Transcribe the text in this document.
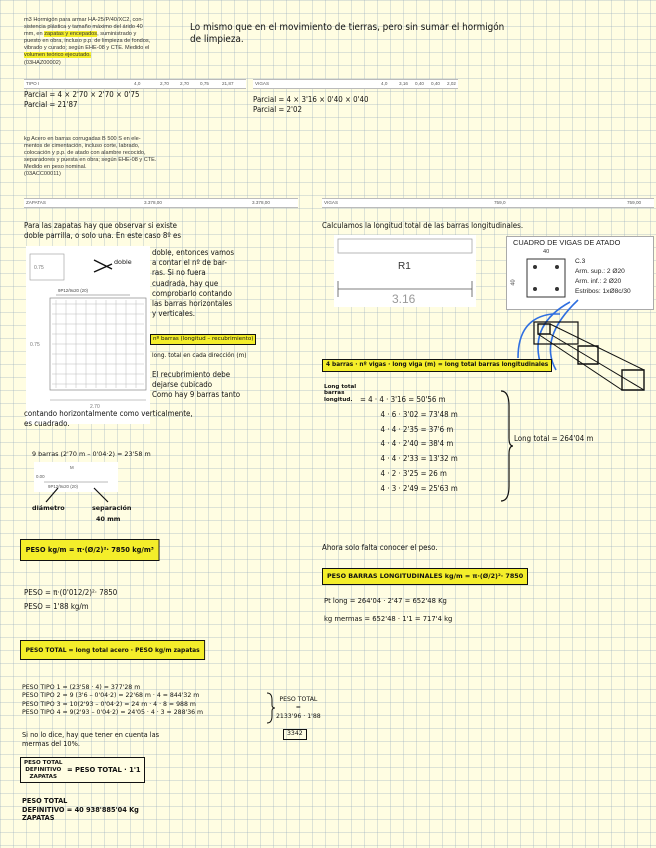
m3 Hormigón para armar HA-25/P/40/XC2, con-
sistencia plástica y tamaño máximo del árido 40
mm, en zapatas y encepados, suministrado y
puesto en obra, incluso p.p. de limpieza de fondos,
vibrado y curado; según EHE-08 y CTE. Medido el
volumen teórico ejecutado.
(03HAZ00002)
Lo mismo que en el movimiento de tierras, pero sin sumar el hormigón
de limpieza.
TIPO I	4,0	2,70 2,70 0,75	21,87	VIGAS	4,0	3,16 0,40 0,40 2,02
Parcial = 4 × 2'70 × 2'70 × 0'75
Parcial = 21'87
Parcial = 4 × 3'16 × 0'40 × 0'40
Parcial = 2'02
kg Acero en barras corrugadas B 500 S en ele-
mentos de cimentación, incluso corte, labrado,
colocación y p.p. de atado con alambre recocido,
separadores y puesta en obra; según EHE-08 y CTE.
Medido en peso nominal.
(03ACC00011)
ZAPATAS	3.378,00	3.378,00	VIGAS	759,0	759,00
Para las zapatas hay que observar si existe
doble parrilla, o solo una. En este caso 8º es
0.75
9P12/9x20 (20)
0.75
2.70
doble
doble, entonces vamos
a contar el nº de bar-
ras. Si no fuera
cuadrada, hay que
comprobarlo contando
las barras horizontales
y verticales.
nº barras (longitud – recubrimiento)
long. total en cada dirección (m)
El recubrimiento debe
dejarse cubicado
Como hay 9 barras tanto
contando horizontalmente como verticalmente,
es cuadrado.
9 barras (2'70 m – 0'04·2) = 23'58 m
M
0.00
9P12/9x20 (20)
diámetro	separación
40 mm
PESO kg/m = π·(Ø/2)²· 7850 kg/m³
PESO = π·(0'012/2)²· 7850
PESO = 1'88 kg/m
PESO TOTAL = long total acero · PESO kg/m zapatas
PESO TIPO 1 = (23'58 · 4) = 377'28 m
PESO TIPO 2 = 9 (3'6 – 0'04·2) = 22'68 m · 4 = 844'32 m
PESO TIPO 3 = 10(2'93 – 0'04·2) = 24 m · 4 · 8 = 988 m
PESO TIPO 4 = 9(2'93 – 0'04·2) = 24'05 · 4 · 3 = 288'36 m
PESO TOTAL
=
2133'96 · 1'88
3342
Si no lo dice, hay que tener en cuenta las
mermas del 10%.
PESO TOTAL
DEFINITIVO
ZAPATAS
= PESO TOTAL · 1'1
PESO TOTAL
DEFINITIVO = 40 938'885'04 Kg
ZAPATAS
Calculamos la longitud total de las barras longitudinales.
R1
3.16
CUADRO DE VIGAS DE ATADO
40
40
C.3
Arm. sup.: 2 Ø20
Arm. inf.: 2 Ø20
Estribos: 1xØ8c/30
4 barras · nº vigas · long viga (m) = long total barras longitudinales
Long total
barras
longitud. = 4 · 4 · 3'16 = 50'56 m
4 · 6 · 3'02 = 73'48 m
4 · 4 · 2'35 = 37'6 m
4 · 4 · 2'40 = 38'4 m
4 · 4 · 2'33 = 13'32 m
4 · 2 · 3'25 = 26 m
4 · 3 · 2'49 = 25'63 m
Long total = 264'04 m
Ahora solo falta conocer el peso.
PESO BARRAS LONGITUDINALES kg/m = π·(Ø/2)²· 7850
Pt long = 264'04 · 2'47 = 652'48 Kg
kg mermas = 652'48 · 1'1 = 717'4 kg
